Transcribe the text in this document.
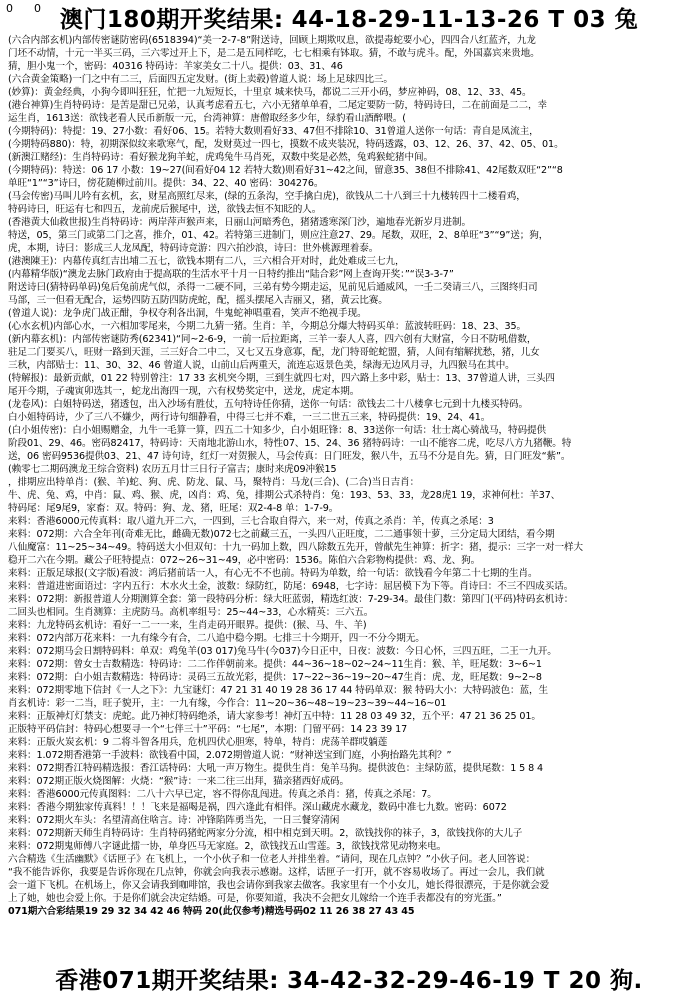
0 0 澳门180期开奖结果: 44-18-29-11-13-26 T 03 兔
(六合内部玄机)内部传密谜防密码(6518394)“美一2-7-8”附送诗，回顾上期欺叹息，欲提毒蛇要小心，四四合八红蓝齐，九龙
门坯不动情，十元一半买三码，三六零过开上下，是二是五同样吃，七七相乘有钵取。猜，不敢与虎斗。配，外国嘉宾来贵地。
猜，胆小鬼一个，密码：40316 特码诗：羊家美女二十八。提供：03、31、46
(六合黄金策略)一门之中有二三，后面四五定发财。(街上卖毂)曾道人说：场上足球四比三。
(妙算)：黄金经典，小狗今即叫狂狂，忙把一九短短长，十里京 城来快马，都说二三开小码，梦应神码，08、12、33、45。
(港台神算)生肖特码诗：是苦是甜已兄弟，认真考虑看五七，六小无猪单单看，二尾定要防一防，特码诗曰，二在前面是二二，幸
运生肖，1613送：欲钱老看人民币新版一元，台湾神算：唐僧取经多少年，绿豹看山酒醉喂。(
(今期特码)：特提：19、27小数：看好06、15。若特大数则看好33、47但不排除10、31曾道人送你一句话：青自是凤流主，
(今期特码880)：特，初期深似纹来歌寒气，配，发财莫过一四七，摸数不成夹装况，特码透露，03、12、26、37、42、05、01。
(新澳江赌经)：生肖特码诗：看好猴龙狗羊蛇，虎鸡兔牛马肖死，双数中奖是必然，兔鸡猴蛇猪中间。
(今期特码)：特送：06 17 小数：19~27(间看好04 12 若特大数)则看好31~42之间，留意35、38但不排除41、42尾数双旺“2”“8
单旺“1”“3”诗曰，傍花随柳过前川。提供：34、22、40 密码：304276。
(马会传密)马叫儿吟有玄机，玄，财星高照红尽来，(绿的五条沟，空手擒白虎)，欲钱从二十八到三十九楼转四十二楼看鸡，
特码诗曰，旺运有七和四五，龙前虎后猴尾中，送，欲钱去恒不知眨的人。
(香港黄大仙救世报)生肖特码诗：两岸萍声猴声来，日丽山河暗秀色，猪猪透寒深门沙，遍地春光新岁月进制。
特送，05，第三门或第二门之喜，推介，01、42。若特第三进制门，则应注意27、29。尾数，双旺，2、8单旺“3”“9”送；狗，
虎，本期，诗曰：影成三人龙凤配，特码诗竞游：四六拍沙浪，诗曰：世外桃源理着泰。
(港澳陳王)：内幕传真红吉出埔二五七，欲钱本期有二八，三六相合开对时，此处难成三七九，
(内幕精华版)“澳龙去脉门政府由于提高联的生活水平十月一日特约推出“陆合彩”网上查询开奖：”“误3-3-7”
附送诗曰(猜特码单码)兔后兔前虎气似，杀得一二硬不同，三弟有势今期走运，见前见后通威风，一壬二癸请三八，三图终归司
马部，三一但看无配合，运势四防五防四防虎蛇，配，摇头摆尾入吉丽又，猪，黄云比赛。
(曾道人说)：龙争虎门战正酣，争权夺利各出洞，牛鬼蛇神唱重看，笑声不绝视手现。
(心水玄机)内部心水，一六相加零尾来，今期二九猜一猪。生肖：羊，今期总分爆大特码买单：蓝波转旺码：18、23、35。
(新内幕玄机)：内部传密谜防秀(62341)“同~2-6-9，一前一后拉距离，三羊一泰人人喜，四六创有大财富，今日不防吼借数，
驻足二门要买八，旺财一路到天涯，三三好合二中二，又七又五身意寡，配，龙门特哥蛇蛇盟，猜，人间有缩解扰愁，猪，儿女
三秋，内部贴士：11、30、32、46 曾道人说，山前山后两重天，流连忘返景色美，绿海无边风月寻，九四猴马在其中。
(特解报)：最新贡献，01 22 特别曾注：17 33 玄机突今期，三到生就四七对，四六路上多中彩，贴士：13、37曾道人讲，三头四
尾开今期，子魂寅卯选其一，蛇龙出海四一现，六有权势奖定中，送龙，虎定本期。
(龙卷风)：白姐特码送，猪透包，出入沙场有胜仗，五句特诗任你猜，送你一句话：欲钱去二十八楼拿七元到十九楼买特码。
白小姐特码诗，少了三八不嫌少，两行诗句细静看，中得三七并不难，一三二世五三来，特码提供：19、24、41。
(白小姐传密)：白小姐赐赠金，九牛一毛算一算，四五二十知多少，白小姐旺锋：8、33送你一句话：壮士离心骑战马，特码提供
阶段01、29、46。密码82417，特码诗：天南地北游山水，特性07、15、24、36 猪特码诗：一山不能容二虎，吃尽八方九猪鞭。特
送，06 密码9536提供03、21、47 诗句诗，红灯一对贺猴人，马会传真：日门旺发，猴八牛，五马不分是自先。猜，日门旺发“紫”。
(赖零七二期码澳龙王综合资料) 农历五月廿三日行子富吉；康时来虎09冲猴15
，排期应出特单肖：(猴、羊)蛇、狗、虎、防龙、鼠、马，聚特肖：马龙(三合)、(二合)当日吉肖：
牛、虎、兔、鸡，中肖：鼠、鸡、猴、虎，凶肖：鸡、兔，排期公式杀特肖：兔：193、53、33，龙28虎1 19，求神何杜：羊37、
特码尾：尾9尾9，家畜：双。特码：狗、龙、猪，旺尾：双2-4-8 单：1-7-9。
来料：香港6000元传真料：取八道九开二六，一四到，三七合取自得六，来一对，传真之杀肖：羊，传真之杀尾：3
来料：072期：六合全年刊(奇难无比，雌确无数)072七之前藏三五，一头四八正旺度，二二通事领十萝，三分定局大团结，看今期
八仙魔富：11~25~34~49。特码送大小但双旬：十九一码加上数，四八除数五先开，曾献先生神算：折字：猪，提示：三字一对一样大
稳开二六在今期。藏公子旺特提点：072~26~31~49，必中密码：1536。陈伯六合彩物构提供：鸡、龙、狗。
来料：正版足球报(文字版)看波：鸿后猪前话一人，有心无不不也前。特码为单数，给一句话：欲钱看今年第二十七期的生肖。
来料：普道进密面语过：字内五行：木水火土金，波数：绿防红，防尾：6948，七字诗：屈居模下为下等。肖诗曰：不三不四成买话。
来料：072期：新报普道人分期测算全套：第一段特码分析：绿大旺蓝弱，精选红波：7-29-34。最佳门数：第四门(平码)特码玄机诗：
二回头也相同。生肖测算：主虎防马。高机率组号：25~44~33，心水精英：三六五。
来料：九龙特码玄机诗：看好一二一一来，生肖走码开眼界。提供：(猴、马、牛、羊)
来料：072内部万花来料：一九有缘今有合，二八追中稳今期。七排三十今期开，四一不分今期无。
来料：072期马会日割特码料：单双：鸡兔羊(03 017)兔马牛(今037)今日正中，日夜：波数：今日心怀，三四五旺，二王一九开。
来料：072期：曾女士吉数精选：特码诗：二二作伴朝前来。提供：44~36~18~02~24~11生肖：猴、羊，旺尾数：3~6~1
来料：072期：白小姐吉数精选：特码诗：灵码三五故光彩，提供：17~22~36~19~20~47生肖：虎、龙，旺尾数：9~2~8
来料：072期零地下信封《一人之下》：九宝谜灯：47 21 31 40 19 28 36 17 44 特码单双：猴 特码大小：大特码波色：蓝，生
肖玄机诗：彩一二当，旺子貌开，主：一九有缘，今作合：11~20~36~48~19~23~39~44~16~01
来料：正版神灯灯禁支：虎蛇。此乃神灯特码绝杀，请大家参考！神灯五中特：11 28 03 49 32，五个平：47 21 36 25 01。
正版特平码信封：特码心想要寻一个“七伴三十”平码：“七尾”，本期：门留平码：14 23 39 17
来料：正版火炭玄机：9 二将斗智各用兵，危机四伏心胆寒，特单，特肖：虎荡羊群哎躺莲
来料：1.072期香港第一手波料：欲钱看中国，2.072期曾道人说：“财神送宝到门庭，小狗抬路先其利？”
来料：072期香江特码精选报：香江话特码：大吼一声万物生。提供生肖：兔羊马狗。提供波色：主绿防蓝，提供尾数：1 5 8 4
来料：072期正版火烧图解：火烧：“猴”诗：一来二往三出拜，猫亲猪西好成码。
来料：香港6000元传真图料：二八十六早已定，容不得你乱闯进。传真之杀肖：猪，传真之杀尾：7。
来料：香港今期独家传真料！！！飞来是福喝是祸，四六逢此有相伴。深山藏虎水藏龙，数码中准七九数。密码：6072
来料：072期火车头：名望清高住啥言。诗：冲锋陷阵勇当先，一日三餐穿清闲
来料：072期新天师生肖特码诗：生肖特码猪蛇两家分分流，相中相克到天明。2，欲钱找你的袜子，3，欲钱找你的大儿子
来料：072期鬼师傅八字谜此擂一协，单身匹马无家庭。2，欲钱找五山雪莲。3，欲钱找常见动物来电。
六合精选《生活幽默》《话匣子》在飞机上，一个小伙子和一位老人并排坐着。“请问，现在几点钟？”小伙子问。老人回答说：
“我不能告诉你，我要是告诉你现在几点钟，你就会向我表示感谢。这样，话匣子一打开，就不容易收场了。再过一会儿，我们就
会一道下飞机。在机场上，你又会请我到咖啡馆，我也会请你到我家去做客。我家里有一个小女儿，她长得很漂亮，于是你就会爱
上了她，她也会爱上你。于是你们就会决定结婚。可是，你要知道，我决不会把女儿嫁给一个连手表都没有的穷光蛋。”
071期六合彩结果19 29 32 34 42 46 特码 20(此仅参考)精选号码02 11 26 38 27 43 45
香港071期开奖结果: 34-42-32-29-46-19 T 20 狗.
